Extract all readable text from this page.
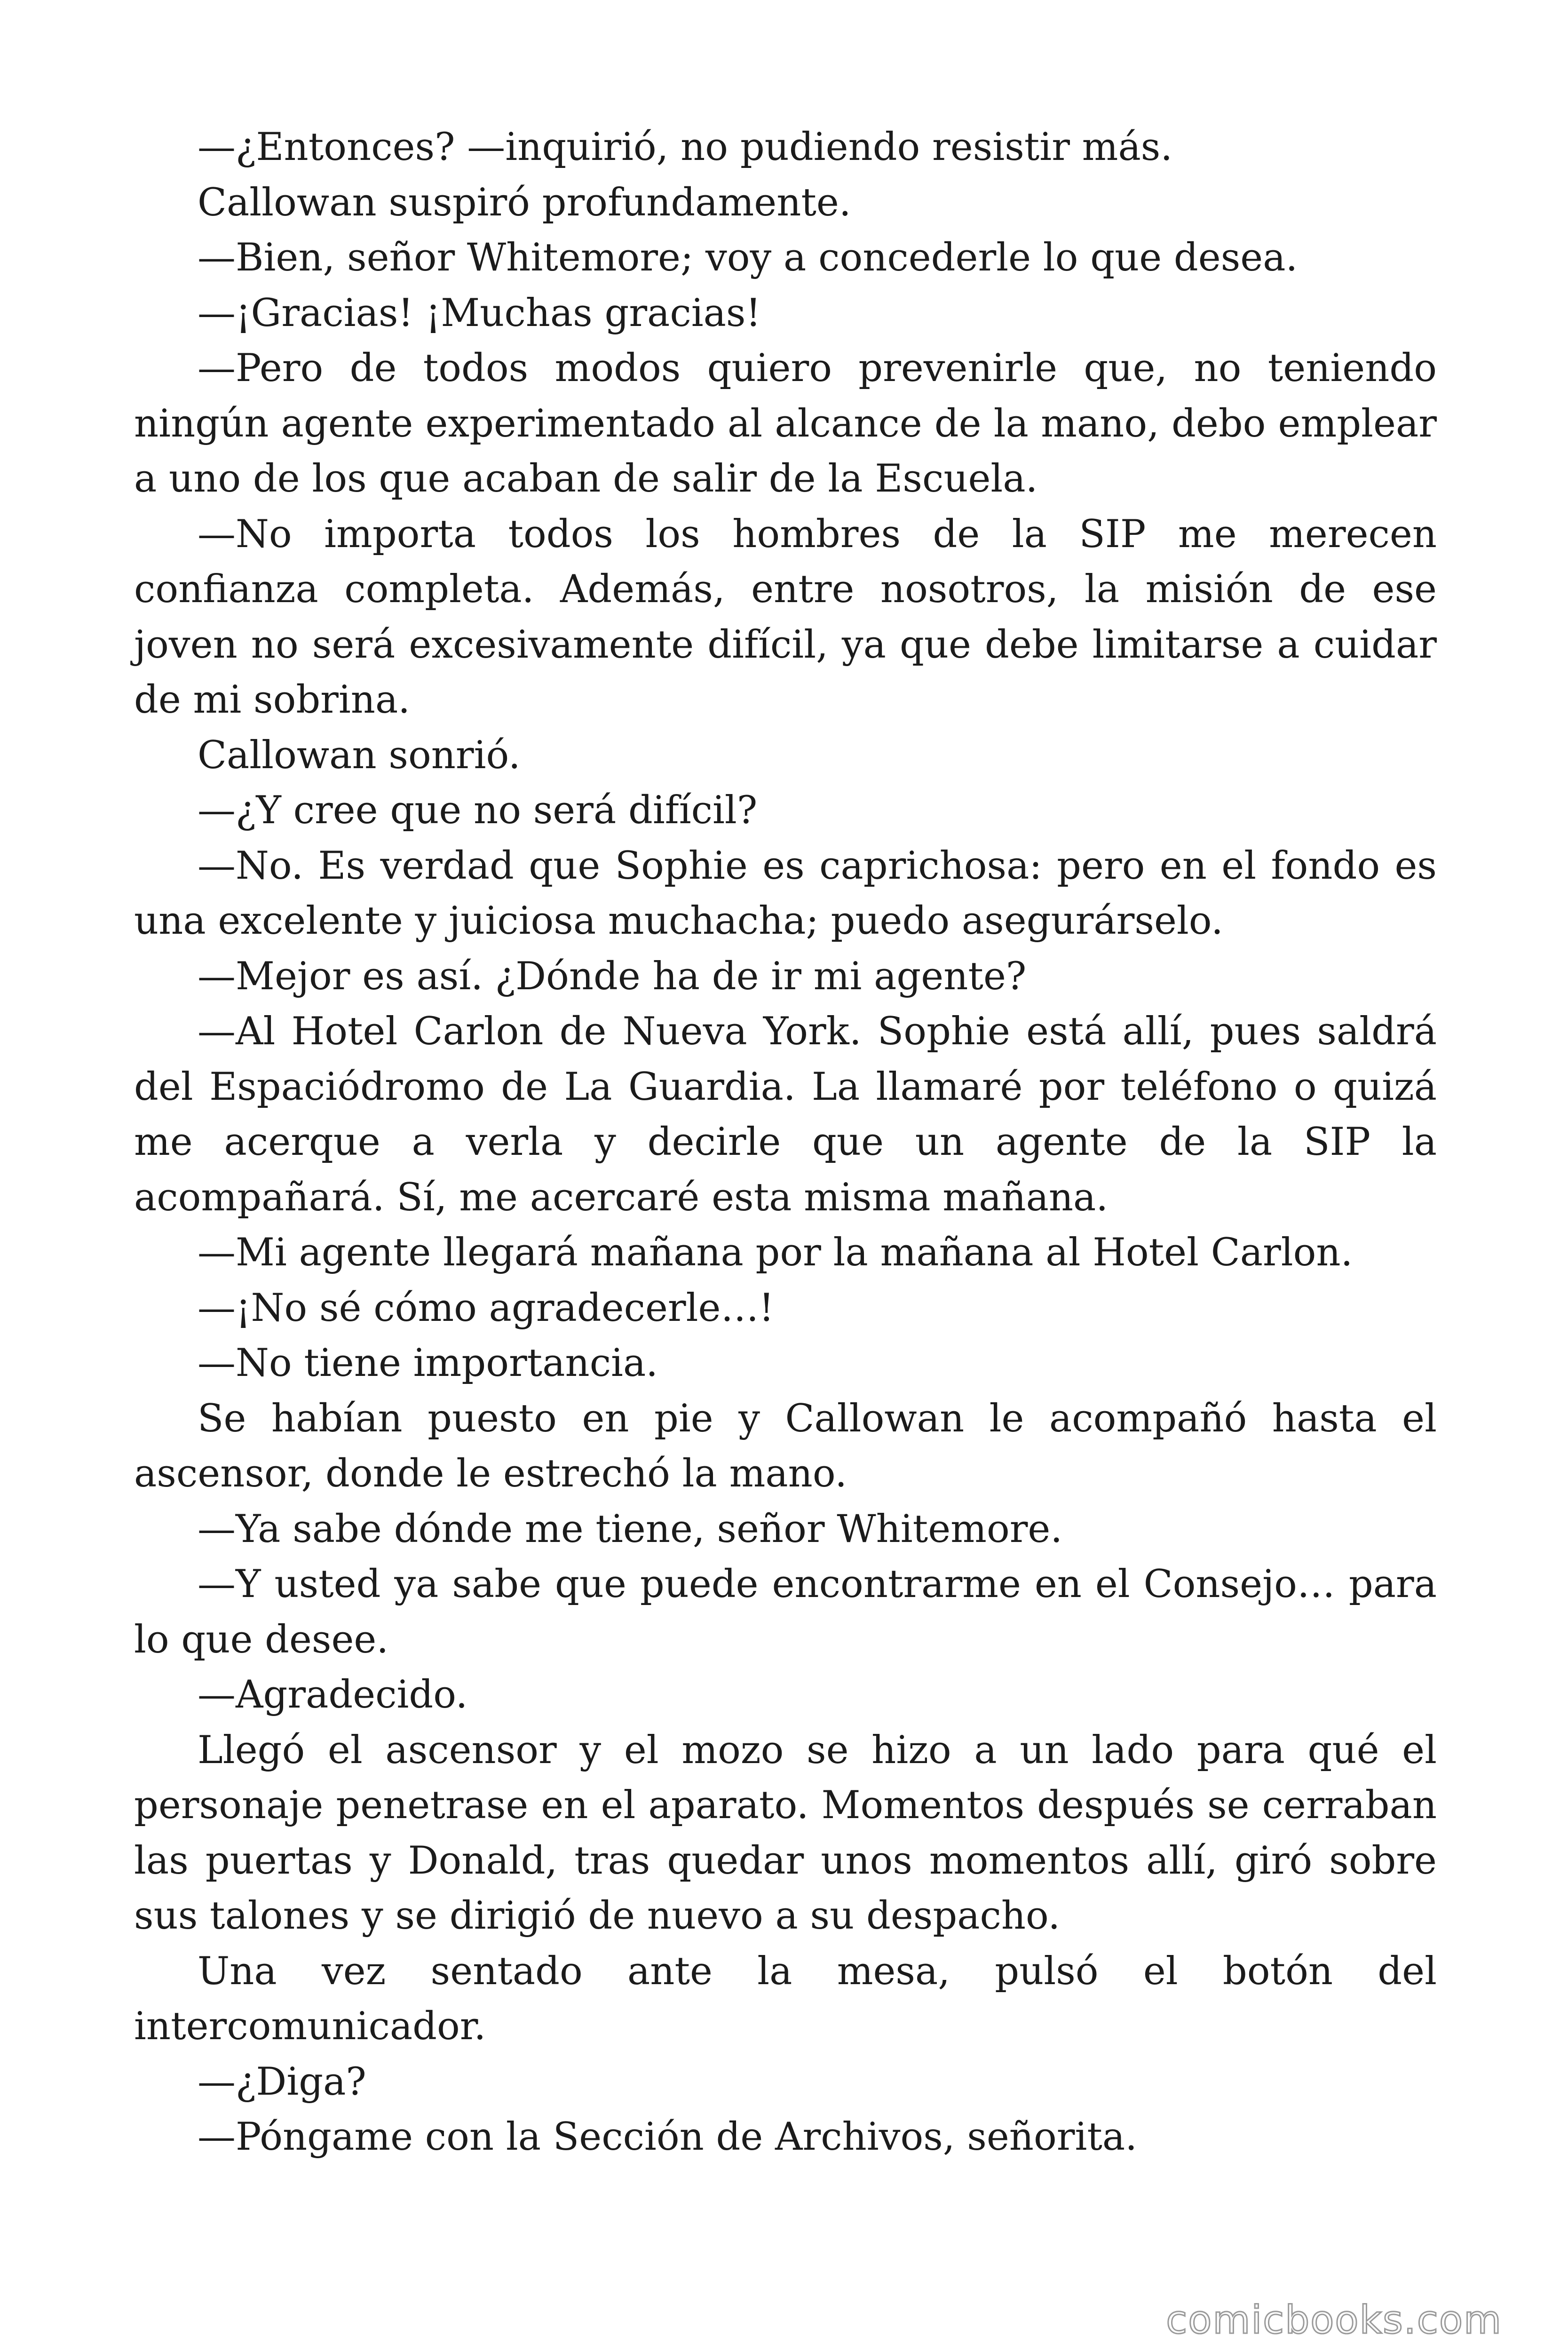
—¿Entonces? —inquirió, no pudiendo resistir más.

Callowan suspiró profundamente.

—Bien, señor Whitemore; voy a concederle lo que desea.

—¡Gracias! ¡Muchas gracias!

—Pero de todos modos quiero prevenirle que, no teniendo ningún agente experimentado al alcance de la mano, debo emplear a uno de los que acaban de salir de la Escuela.

—No importa todos los hombres de la SIP me merecen confianza completa. Además, entre nosotros, la misión de ese joven no será excesivamente difícil, ya que debe limitarse a cuidar de mi sobrina.

Callowan sonrió.

—¿Y cree que no será difícil?

—No. Es verdad que Sophie es caprichosa: pero en el fondo es una excelente y juiciosa muchacha; puedo asegurárselo.

—Mejor es así. ¿Dónde ha de ir mi agente?

—Al Hotel Carlon de Nueva York. Sophie está allí, pues saldrá del Espaciódromo de La Guardia. La llamaré por teléfono o quizá me acerque a verla y decirle que un agente de la SIP la acompañará. Sí, me acercaré esta misma mañana.

—Mi agente llegará mañana por la mañana al Hotel Carlon.

—¡No sé cómo agradecerle…!

—No tiene importancia.

Se habían puesto en pie y Callowan le acompañó hasta el ascensor, donde le estrechó la mano.

—Ya sabe dónde me tiene, señor Whitemore.

—Y usted ya sabe que puede encontrarme en el Consejo… para lo que desee.

—Agradecido.

Llegó el ascensor y el mozo se hizo a un lado para qué el personaje penetrase en el aparato. Momentos después se cerraban las puertas y Donald, tras quedar unos momentos allí, giró sobre sus talones y se dirigió de nuevo a su despacho.

Una vez sentado ante la mesa, pulsó el botón del intercomunicador.

—¿Diga?

—Póngame con la Sección de Archivos, señorita.

comicbooks.com
